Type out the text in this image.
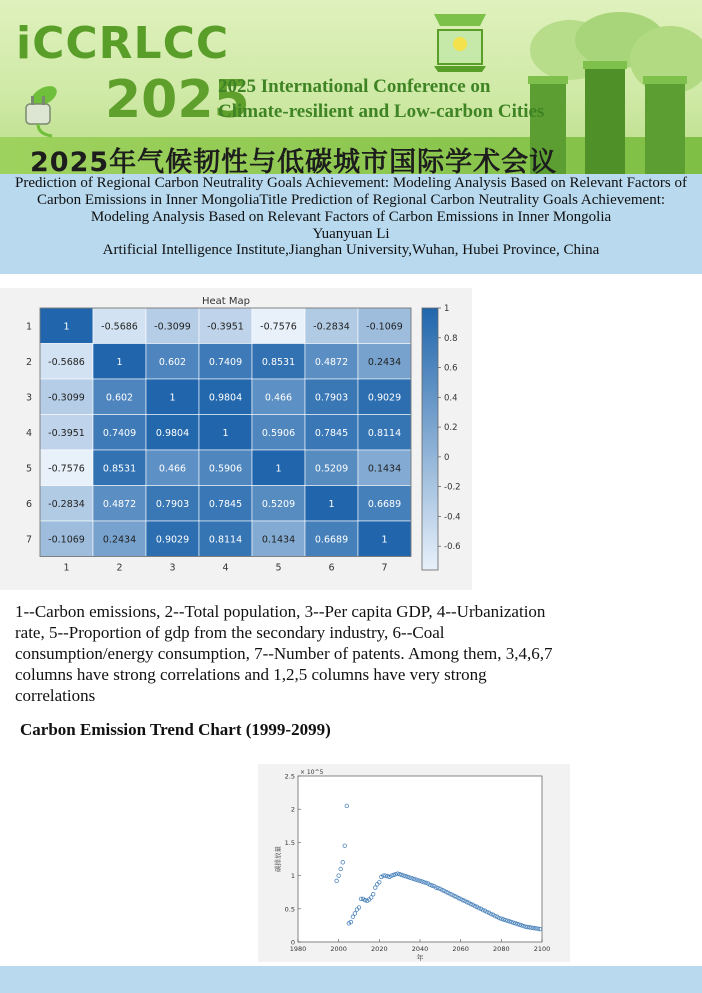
iCCRLCC
2025
2025 International Conference on
Climate-resilient and Low-carbon Cities
2025年气候韧性与低碳城市国际学术会议
Prediction of Regional Carbon Neutrality Goals Achievement: Modeling Analysis Based on Relevant Factors of Carbon Emissions in Inner MongoliaTitle Prediction of Regional Carbon Neutrality Goals Achievement: Modeling Analysis Based on Relevant Factors of Carbon Emissions in Inner Mongolia
Yuanyuan Li
Artificial Intelligence Institute,Jianghan University,Wuhan, Hubei Province, China
Heat Map
1	-0.5686 -0.3099 -0.3951 -0.7576 -0.2834 -0.1069
-0.5686	1	0.602 0.7409 0.8531 0.4872 0.2434
-0.3099 0.602	1	0.9804 0.466 0.7903 0.9029
-0.3951 0.7409 0.9804	1	0.5906 0.7845 0.8114
-0.7576 0.8531 0.466 0.5906	1	0.5209 0.1434
-0.2834 0.4872 0.7903 0.7845 0.5209	1	0.6689
-0.1069 0.2434 0.9029 0.8114 0.1434 0.6689	1
1
2
3
4
5
6
7
1	2	3	4	5	6	7
1
0.8
0.6
0.4
0.2
0
-0.2
-0.4
-0.6

1--Carbon emissions, 2--Total population, 3--Per capita GDP, 4--Urbanization rate, 5--Proportion of gdp from the secondary industry, 6--Coal consumption/energy consumption, 7--Number of patents. Among them, 3,4,6,7 columns have strong correlations and 1,2,5 columns have very strong correlations

Carbon Emission Trend Chart (1999-2099)

1980	2000	2020	2040	2060	2080	2100
0
0.5
1
1.5
2
2.5 × 10^5
年
碳排放量
